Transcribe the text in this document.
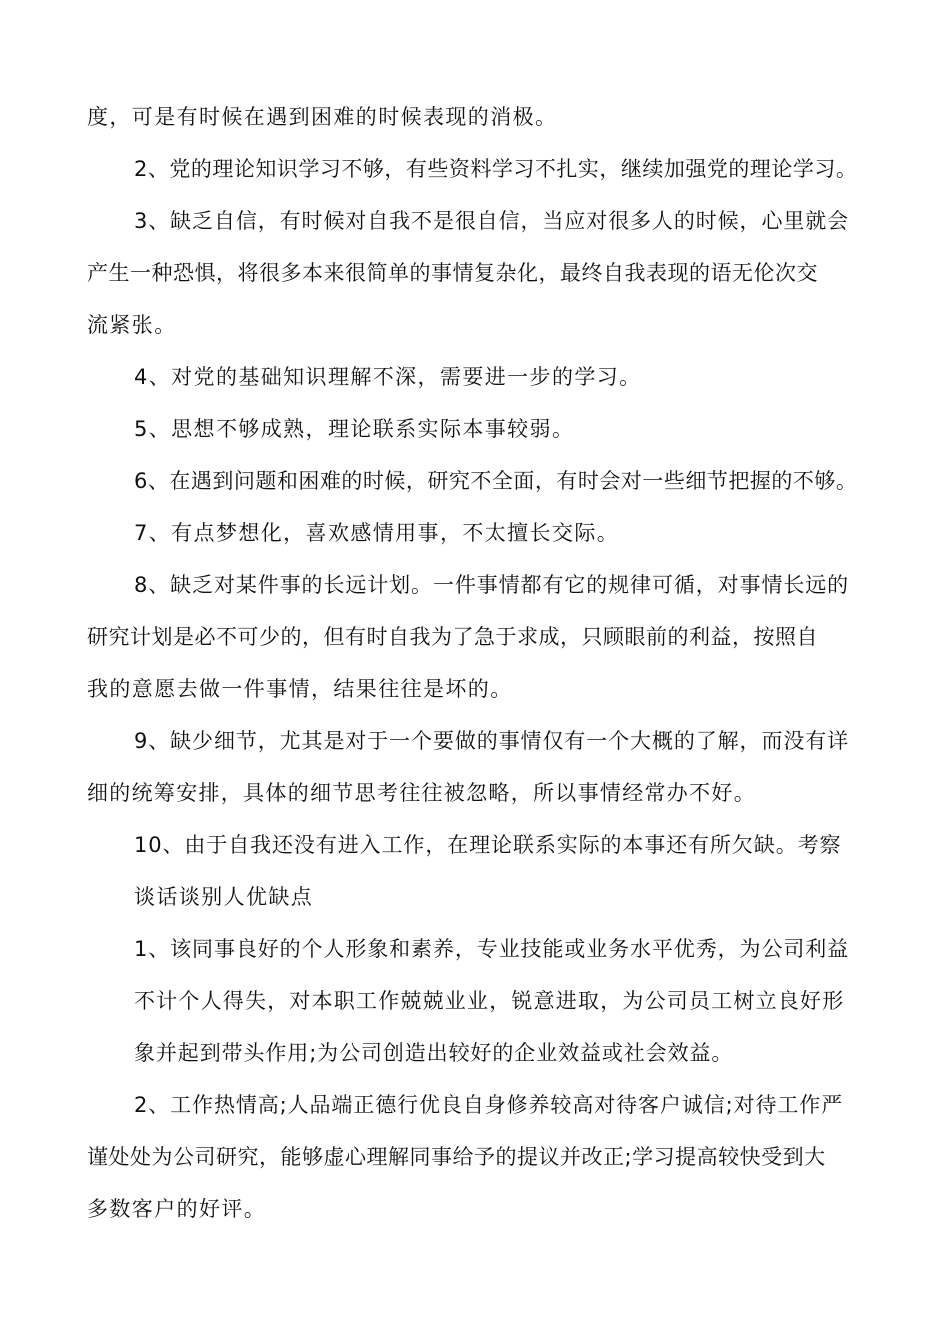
度，可是有时候在遇到困难的时候表现的消极。
2、党的理论知识学习不够，有些资料学习不扎实，继续加强党的理论学习。
3、缺乏自信，有时候对自我不是很自信，当应对很多人的时候，心里就会
产生一种恐惧，将很多本来很简单的事情复杂化，最终自我表现的语无伦次交
流紧张。
4、对党的基础知识理解不深，需要进一步的学习。
5、思想不够成熟，理论联系实际本事较弱。
6、在遇到问题和困难的时候，研究不全面，有时会对一些细节把握的不够。
7、有点梦想化，喜欢感情用事，不太擅长交际。
8、缺乏对某件事的长远计划。一件事情都有它的规律可循，对事情长远的
研究计划是必不可少的，但有时自我为了急于求成，只顾眼前的利益，按照自
我的意愿去做一件事情，结果往往是坏的。
9、缺少细节，尤其是对于一个要做的事情仅有一个大概的了解，而没有详
细的统筹安排，具体的细节思考往往被忽略，所以事情经常办不好。
10、由于自我还没有进入工作，在理论联系实际的本事还有所欠缺。考察
谈话谈别人优缺点
1、该同事良好的个人形象和素养，专业技能或业务水平优秀，为公司利益
不计个人得失，对本职工作兢兢业业，锐意进取，为公司员工树立良好形
象并起到带头作用;为公司创造出较好的企业效益或社会效益。
2、工作热情高;人品端正德行优良自身修养较高对待客户诚信;对待工作严
谨处处为公司研究，能够虚心理解同事给予的提议并改正;学习提高较快受到大
多数客户的好评。
